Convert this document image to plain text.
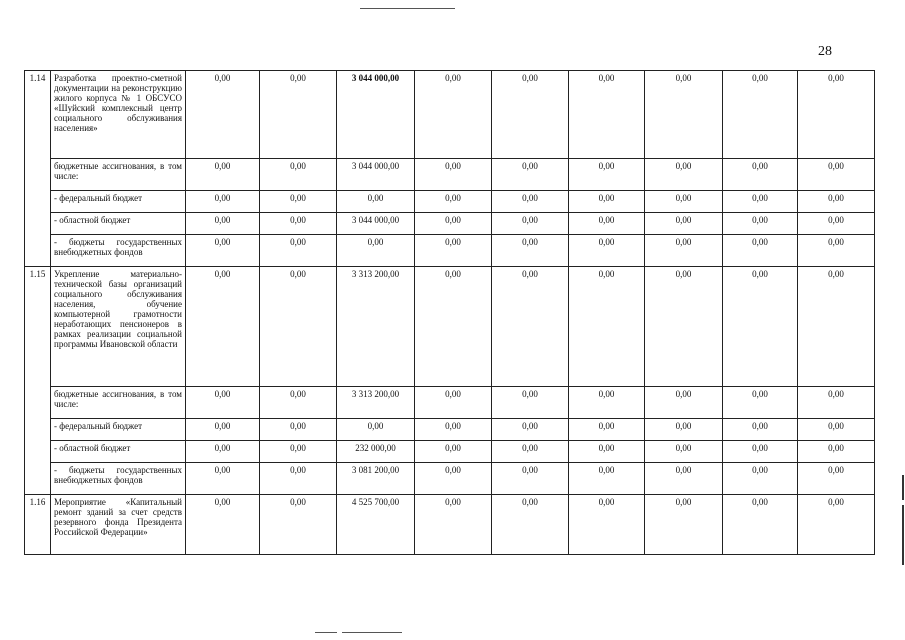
28
1.14	Разработка проектно-сметной документации на реконструкцию жилого корпуса № 1 ОБСУСО «Шуйский комплексный центр социального обслуживания населения»	0,00	0,00	3 044 000,00	0,00	0,00	0,00	0,00	0,00	0,00
	бюджетные ассигнования, в том числе:	0,00	0,00	3 044 000,00	0,00	0,00	0,00	0,00	0,00	0,00
	- федеральный бюджет	0,00	0,00	0,00	0,00	0,00	0,00	0,00	0,00	0,00
	- областной бюджет	0,00	0,00	3 044 000,00	0,00	0,00	0,00	0,00	0,00	0,00
	- бюджеты государственных внебюджетных фондов	0,00	0,00	0,00	0,00	0,00	0,00	0,00	0,00	0,00
1.15	Укрепление материально-технической базы организаций социального обслуживания населения, обучение компьютерной грамотности неработающих пенсионеров в рамках реализации социальной программы Ивановской области	0,00	0,00	3 313 200,00	0,00	0,00	0,00	0,00	0,00	0,00
	бюджетные ассигнования, в том числе:	0,00	0,00	3 313 200,00	0,00	0,00	0,00	0,00	0,00	0,00
	- федеральный бюджет	0,00	0,00	0,00	0,00	0,00	0,00	0,00	0,00	0,00
	- областной бюджет	0,00	0,00	232 000,00	0,00	0,00	0,00	0,00	0,00	0,00
	- бюджеты государственных внебюджетных фондов	0,00	0,00	3 081 200,00	0,00	0,00	0,00	0,00	0,00	0,00
1.16	Мероприятие «Капитальный ремонт зданий за счет средств резервного фонда Президента Российской Федерации»	0,00	0,00	4 525 700,00	0,00	0,00	0,00	0,00	0,00	0,00
